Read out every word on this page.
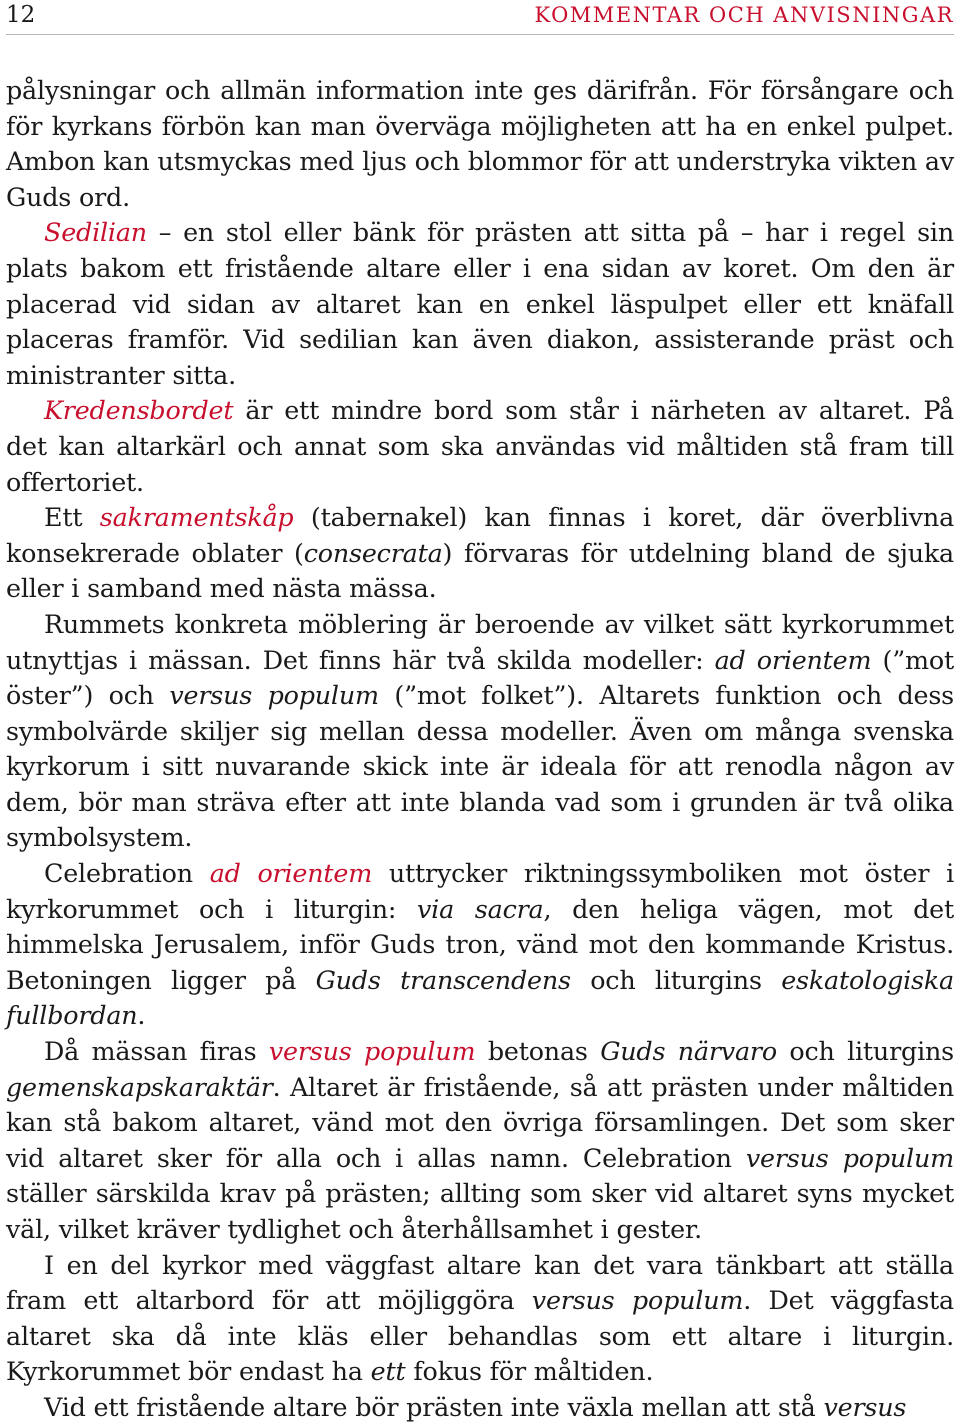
12	KOMMENTAR OCH ANVISNINGAR

pålysningar och allmän information inte ges därifrån. För försångare och för kyrkans förbön kan man överväga möjligheten att ha en enkel pulpet. Ambon kan utsmyckas med ljus och blommor för att understryka vikten av Guds ord.

Sedilian – en stol eller bänk för prästen att sitta på – har i regel sin plats bakom ett fristående altare eller i ena sidan av koret. Om den är placerad vid sidan av altaret kan en enkel läspulpet eller ett knäfall placeras framför. Vid sedilian kan även diakon, assisterande präst och ministranter sitta.

Kredensbordet är ett mindre bord som står i närheten av altaret. På det kan altarkärl och annat som ska användas vid måltiden stå fram till offertoriet.

Ett sakramentskåp (tabernakel) kan finnas i koret, där överblivna konsekrerade oblater (consecrata) förvaras för utdelning bland de sjuka eller i samband med nästa mässa.

Rummets konkreta möblering är beroende av vilket sätt kyrkorummet utnyttjas i mässan. Det finns här två skilda modeller: ad orientem (”mot öster”) och versus populum (”mot folket”). Altarets funktion och dess symbolvärde skiljer sig mellan dessa modeller. Även om många svenska kyrkorum i sitt nuvarande skick inte är ideala för att renodla någon av dem, bör man sträva efter att inte blanda vad som i grunden är två olika symbolsystem.

Celebration ad orientem uttrycker riktningssymboliken mot öster i kyrkorummet och i liturgin: via sacra, den heliga vägen, mot det himmelska Jerusalem, inför Guds tron, vänd mot den kommande Kristus. Betoningen ligger på Guds transcendens och liturgins eskatologiska fullbordan.

Då mässan firas versus populum betonas Guds närvaro och liturgins gemenskapskaraktär. Altaret är fristående, så att prästen under måltiden kan stå bakom altaret, vänd mot den övriga församlingen. Det som sker vid altaret sker för alla och i allas namn. Celebration versus populum ställer särskilda krav på prästen; allting som sker vid altaret syns mycket väl, vilket kräver tydlighet och återhållsamhet i gester.

I en del kyrkor med väggfast altare kan det vara tänkbart att ställa fram ett altarbord för att möjliggöra versus populum. Det väggfasta altaret ska då inte kläs eller behandlas som ett altare i liturgin. Kyrkorummet bör endast ha ett fokus för måltiden.

Vid ett fristående altare bör prästen inte växla mellan att stå versus
